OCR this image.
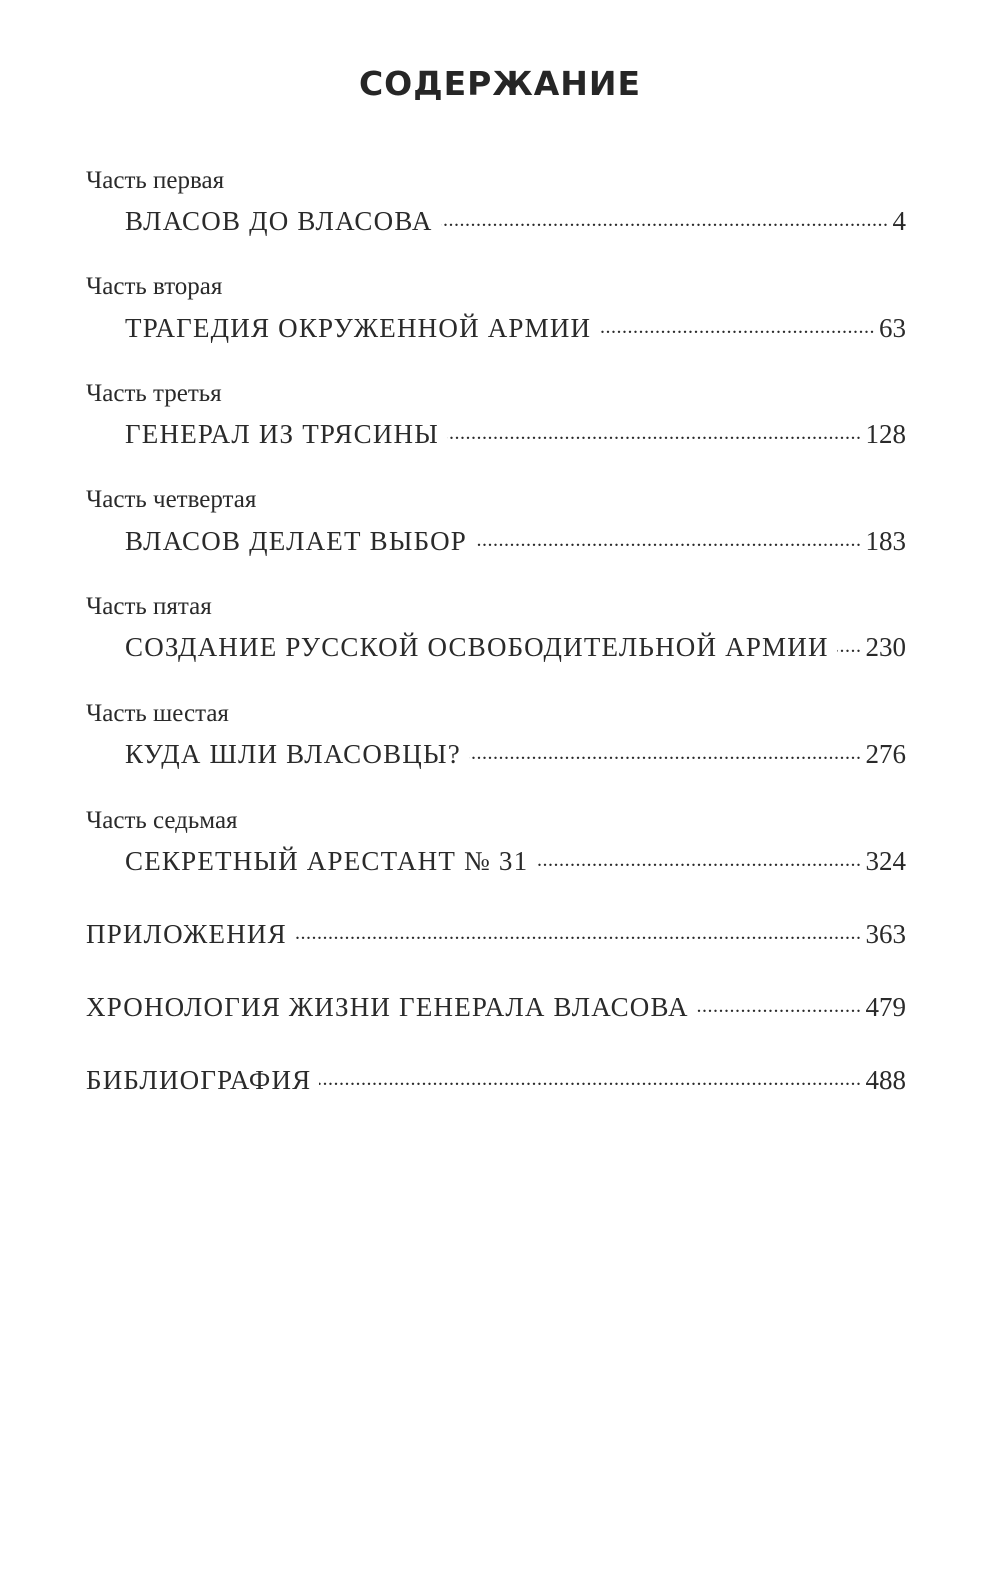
СОДЕРЖАНИЕ
Часть первая
ВЛАСОВ ДО ВЛАСОВА .....	4
Часть вторая
ТРАГЕДИЯ ОКРУЖЕННОЙ АРМИИ .....	63
Часть третья
ГЕНЕРАЛ ИЗ ТРЯСИНЫ .....	128
Часть четвертая
ВЛАСОВ ДЕЛАЕТ ВЫБОР .....	183
Часть пятая
СОЗДАНИЕ РУССКОЙ ОСВОБОДИТЕЛЬНОЙ АРМИИ ..... 230
Часть шестая
КУДА ШЛИ ВЛАСОВЦЫ? .....	276
Часть седьмая
СЕКРЕТНЫЙ АРЕСТАНТ № 31 .....	324
ПРИЛОЖЕНИЯ .....	363
ХРОНОЛОГИЯ ЖИЗНИ ГЕНЕРАЛА ВЛАСОВА .....	479
БИБЛИОГРАФИЯ .....	488
